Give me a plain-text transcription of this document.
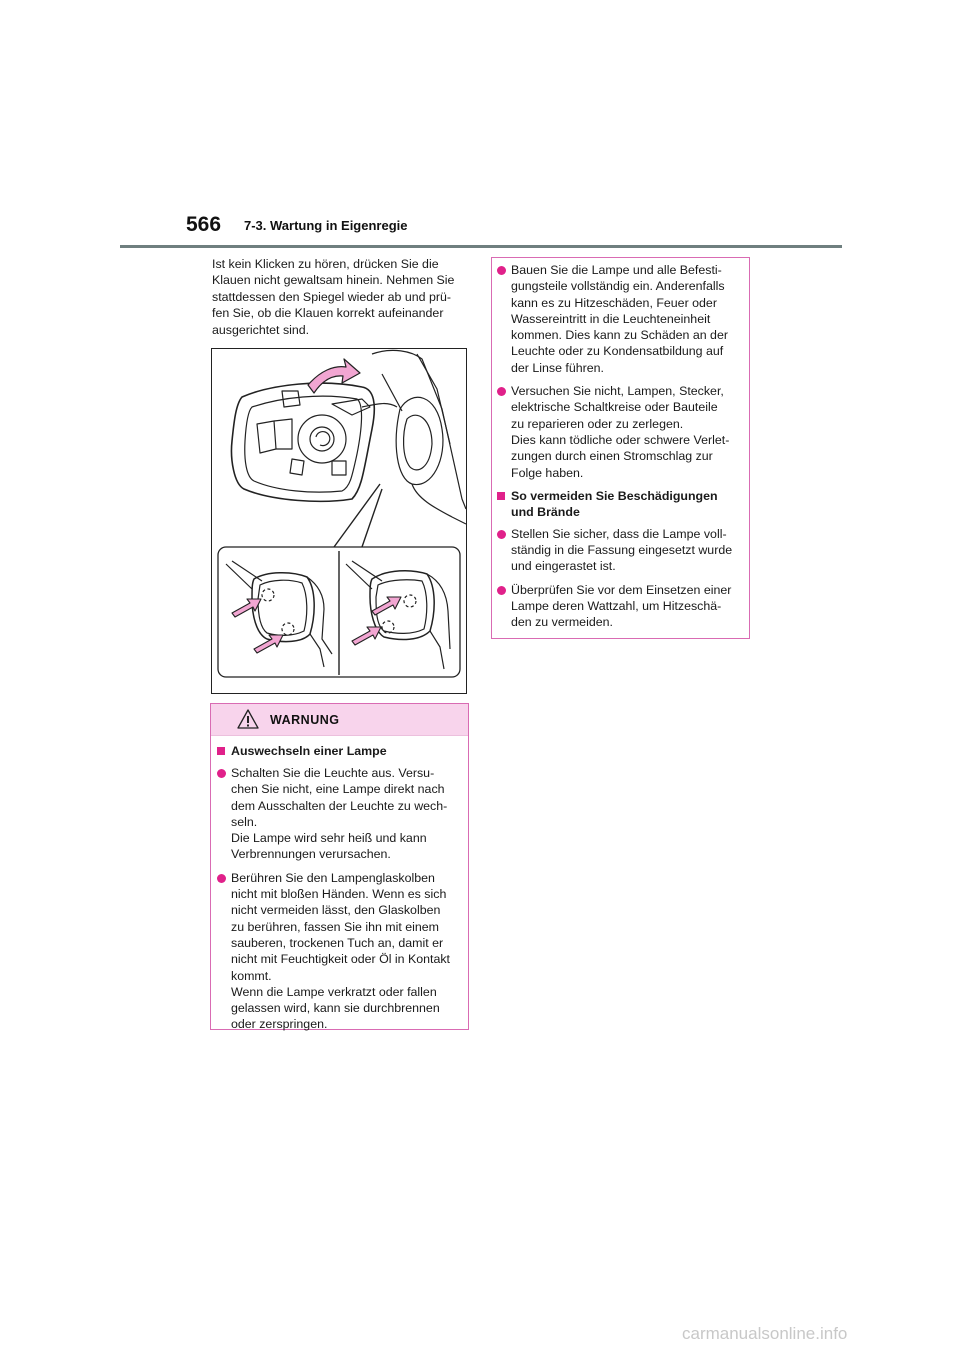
566 7-3. Wartung in Eigenregie
Ist kein Klicken zu hören, drücken Sie die
Klauen nicht gewaltsam hinein. Nehmen Sie
stattdessen den Spiegel wieder ab und prü-
fen Sie, ob die Klauen korrekt aufeinander
ausgerichtet sind.
WARNUNG
Auswechseln einer Lampe
Schalten Sie die Leuchte aus. Versu-
chen Sie nicht, eine Lampe direkt nach
dem Ausschalten der Leuchte zu wech-
seln.
Die Lampe wird sehr heiß und kann
Verbrennungen verursachen.
Berühren Sie den Lampenglaskolben
nicht mit bloßen Händen. Wenn es sich
nicht vermeiden lässt, den Glaskolben
zu berühren, fassen Sie ihn mit einem
sauberen, trockenen Tuch an, damit er
nicht mit Feuchtigkeit oder Öl in Kontakt
kommt.
Wenn die Lampe verkratzt oder fallen
gelassen wird, kann sie durchbrennen
oder zerspringen.
Bauen Sie die Lampe und alle Befesti-
gungsteile vollständig ein. Anderenfalls
kann es zu Hitzeschäden, Feuer oder
Wassereintritt in die Leuchteneinheit
kommen. Dies kann zu Schäden an der
Leuchte oder zu Kondensatbildung auf
der Linse führen.
Versuchen Sie nicht, Lampen, Stecker,
elektrische Schaltkreise oder Bauteile
zu reparieren oder zu zerlegen.
Dies kann tödliche oder schwere Verlet-
zungen durch einen Stromschlag zur
Folge haben.
So vermeiden Sie Beschädigungen
und Brände
Stellen Sie sicher, dass die Lampe voll-
ständig in die Fassung eingesetzt wurde
und eingerastet ist.
Überprüfen Sie vor dem Einsetzen einer
Lampe deren Wattzahl, um Hitzeschä-
den zu vermeiden.
carmanualsonline.info
